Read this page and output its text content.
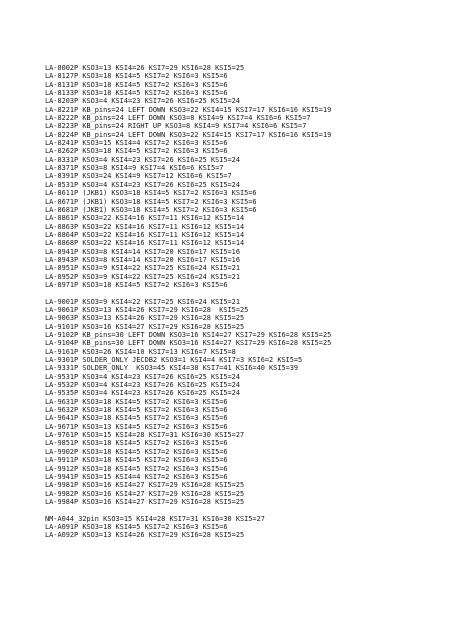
LA-8002P KSO3=13 KSI4=26 KSI7=29 KSI6=28 KSI5=25
LA-8127P KSO3=18 KSI4=5 KSI7=2 KSI6=3 KSI5=6
LA-8131P KSO3=18 KSI4=5 KSI7=2 KSI6=3 KSI5=6
LA-8133P KSO3=18 KSI4=5 KSI7=2 KSI6=3 KSI5=6
LA-8203P KSO3=4 KSI4=23 KSI7=26 KSI6=25 KSI5=24
LA-8221P KB_pins=24 LEFT DOWN KSO3=22 KSI4=15 KSI7=17 KSI6=16 KSI5=19
LA-8222P KB_pins=24 LEFT DOWN KSO3=8 KSI4=9 KSI7=4 KSI6=6 KSI5=7
LA-8223P KB_pins=24 RIGHT UP KSO3=8 KSI4=9 KSI7=4 KSI6=6 KSI5=7
LA-8224P KB_pins=24 LEFT DOWN KSO3=22 KSI4=15 KSI7=17 KSI6=16 KSI5=19
LA-8241P KSO3=15 KSI4=4 KSI7=2 KSI6=3 KSI5=6
LA-8262P KSO3=18 KSI4=5 KSI7=2 KSI6=3 KSI5=6
LA-8331P KSO3=4 KSI4=23 KSI7=26 KSI6=25 KSI5=24
LA-8371P KSO3=8 KSI4=9 KSI7=4 KSI6=6 KSI5=7
LA-8391P KSO3=24 KSI4=9 KSI7=12 KSI6=6 KSI5=7
LA-8531P KSO3=4 KSI4=23 KSI7=26 KSI6=25 KSI5=24
LA-8611P (JKB1) KSO3=18 KSI4=5 KSI7=2 KSI6=3 KSI5=6
LA-8671P (JKB1) KSO3=18 KSI4=5 KSI7=2 KSI6=3 KSI5=6
LA-8681P (JKB1) KSO3=18 KSI4=5 KSI7=2 KSI6=3 KSI5=6
LA-8861P KSO3=22 KSI4=16 KSI7=11 KSI6=12 KSI5=14
LA-8863P KSO3=22 KSI4=16 KSI7=11 KSI6=12 KSI5=14
LA-8864P KSO3=22 KSI4=16 KSI7=11 KSI6=12 KSI5=14
LA-8868P KSO3=22 KSI4=16 KSI7=11 KSI6=12 KSI5=14
LA-8941P KSO3=8 KSI4=14 KSI7=20 KSI6=17 KSI5=16
LA-8943P KSO3=8 KSI4=14 KSI7=20 KSI6=17 KSI5=16
LA-8951P KSO3=9 KSI4=22 KSI7=25 KSI6=24 KSI5=21
LA-8952P KSO3=9 KSI4=22 KSI7=25 KSI6=24 KSI5=21
LA-8971P KSO3=18 KSI4=5 KSI7=2 KSI6=3 KSI5=6
LA-9001P KSO3=9 KSI4=22 KSI7=25 KSI6=24 KSI5=21
LA-9061P KSO3=13 KSI4=26 KSI7=29 KSI6=28  KSI5=25
LA-9063P KSO3=13 KSI4=26 KSI7=29 KSI6=28 KSI5=25
LA-9101P KSO3=16 KSI4=27 KSI7=29 KSI6=28 KSI5=25
LA-9102P KB_pins=30 LEFT DOWN KSO3=16 KSI4=27 KSI7=29 KSI6=28 KSI5=25
LA-9104P KB_pins=30 LEFT DOWN KSO3=16 KSI4=27 KSI7=29 KSI6=28 KSI5=25
LA-9161P KSO3=26 KSI4=10 KSI7=13 KSI6=7 KSI5=8
LA-9301P SOLDER_ONLY JECDB2 KSO3=1 KSI4=4 KSI7=3 KSI6=2 KSI5=5
LA-9331P SOLDER_ONLY  KSO3=45 KSI4=38 KSI7=41 KSI6=40 KSI5=39
LA-9531P KSO3=4 KSI4=23 KSI7=26 KSI6=25 KSI5=24
LA-9532P KSO3=4 KSI4=23 KSI7=26 KSI6=25 KSI5=24
LA-9535P KSO3=4 KSI4=23 KSI7=26 KSI6=25 KSI5=24
LA-9631P KSO3=18 KSI4=5 KSI7=2 KSI6=3 KSI5=6
LA-9632P KSO3=18 KSI4=5 KSI7=2 KSI6=3 KSI5=6
LA-9641P KSO3=18 KSI4=5 KSI7=2 KSI6=3 KSI5=6
LA-9671P KSO3=13 KSI4=5 KSI7=2 KSI6=3 KSI5=6
LA-9761P KSO3=15 KSI4=28 KSI7=31 KSI6=30 KSI5=27
LA-9851P KSO3=18 KSI4=5 KSI7=2 KSI6=3 KSI5=6
LA-9902P KSO3=18 KSI4=5 KSI7=2 KSI6=3 KSI5=6
LA-9911P KSO3=18 KSI4=5 KSI7=2 KSI6=3 KSI5=6
LA-9912P KSO3=18 KSI4=5 KSI7=2 KSI6=3 KSI5=6
LA-9941P KSO3=15 KSI4=4 KSI7=2 KSI6=3 KSI5=6
LA-9981P KSO3=16 KSI4=27 KSI7=29 KSI6=28 KSI5=25
LA-9982P KSO3=16 KSI4=27 KSI7=29 KSI6=28 KSI5=25
LA-9984P KSO3=16 KSI4=27 KSI7=29 KSI6=28 KSI5=25
NM-A044_32pin KSO3=15 KSI4=28 KSI7=31 KSI6=30 KSI5=27
LA-A091P KSO3=18 KSI4=5 KSI7=2 KSI6=3 KSI5=6
LA-A092P KSO3=13 KSI4=26 KSI7=29 KSI6=28 KSI5=25
